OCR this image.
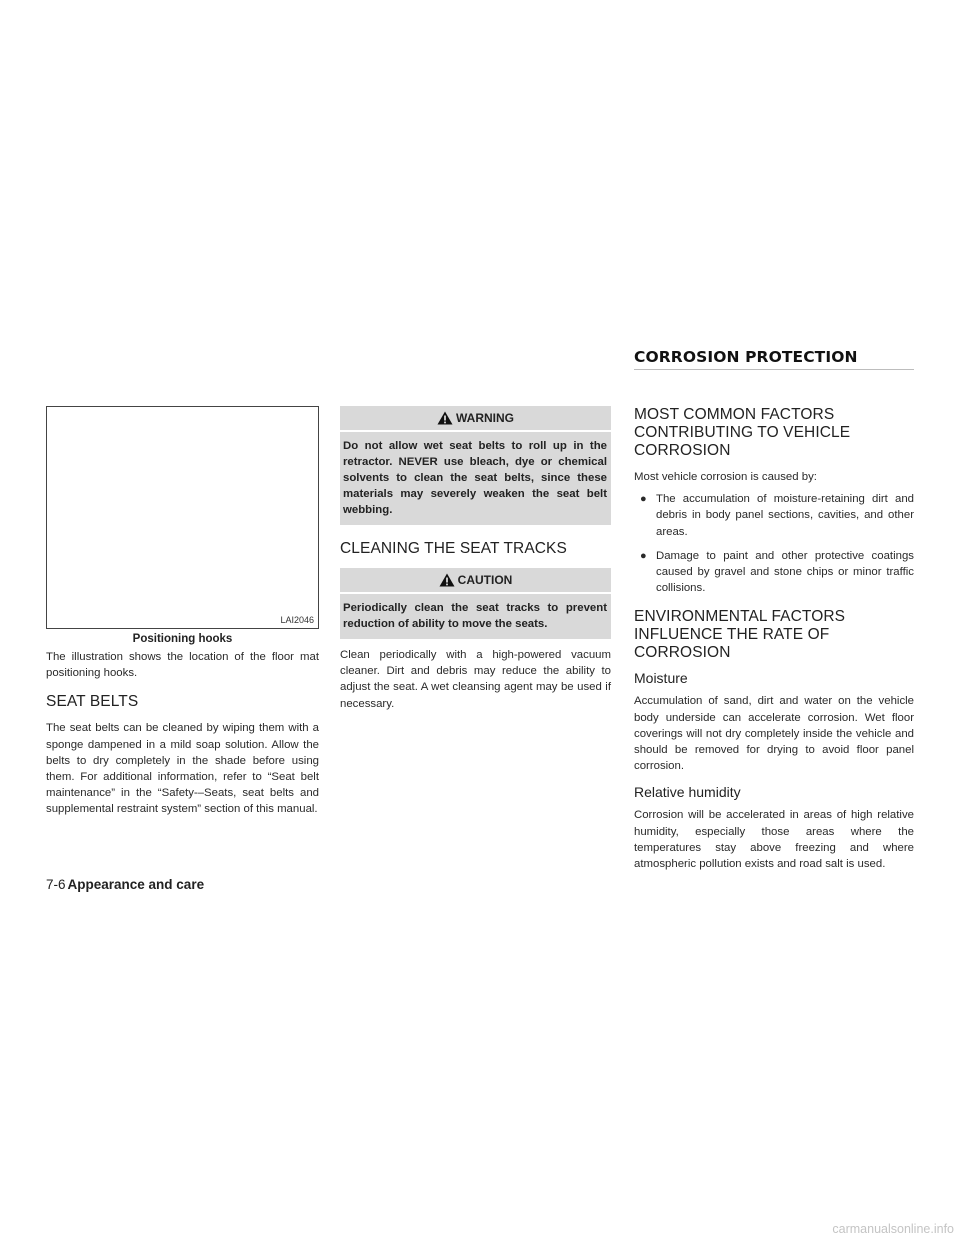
CORROSION PROTECTION
LAI2046
Positioning hooks

The illustration shows the location of the floor mat positioning hooks.

SEAT BELTS

The seat belts can be cleaned by wiping them with a sponge dampened in a mild soap solution. Allow the belts to dry completely in the shade before using them. For additional information, refer to “Seat belt maintenance” in the “Safety-–Seats, seat belts and supplemental restraint system” section of this manual.

WARNING
Do not allow wet seat belts to roll up in the retractor. NEVER use bleach, dye or chemical solvents to clean the seat belts, since these materials may severely weaken the seat belt webbing.
CLEANING THE SEAT TRACKS
CAUTION
Periodically clean the seat tracks to prevent reduction of ability to move the seats.

Clean periodically with a high-powered vacuum cleaner. Dirt and debris may reduce the ability to adjust the seat. A wet cleansing agent may be used if necessary.

MOST COMMON FACTORS CONTRIBUTING TO VEHICLE CORROSION

Most vehicle corrosion is caused by:

● The accumulation of moisture-retaining dirt and debris in body panel sections, cavities, and other areas.
● Damage to paint and other protective coatings caused by gravel and stone chips or minor traffic collisions.
ENVIRONMENTAL FACTORS INFLUENCE THE RATE OF CORROSION
Moisture

Accumulation of sand, dirt and water on the vehicle body underside can accelerate corrosion. Wet floor coverings will not dry completely inside the vehicle and should be removed for drying to avoid floor panel corrosion.

Relative humidity

Corrosion will be accelerated in areas of high relative humidity, especially those areas where the temperatures stay above freezing and where atmospheric pollution exists and road salt is used.

7-6 Appearance and care
carmanualsonline.info
